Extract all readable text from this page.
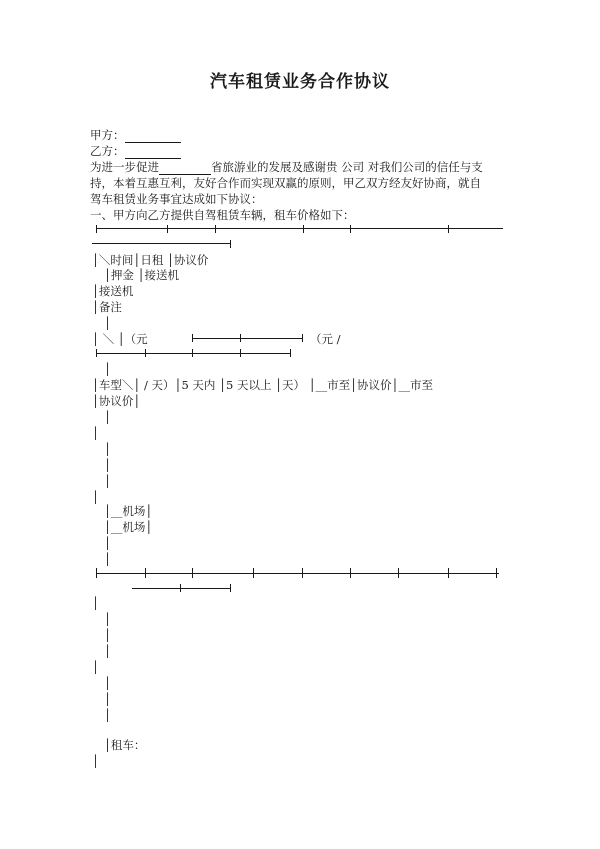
汽车租赁业务合作协议
甲方：
乙方：
为进一步促进	省旅游业的发展及感谢贵 公司 对我们公司的信任与支
持，本着互惠互利，友好合作而实现双赢的原则，甲乙双方经友好协商，就自
驾车租赁业务事宜达成如下协议：
一、甲方向乙方提供自驾租赁车辆，租车价格如下：
│＼时间│日租 │协议价
│押金 │接送机
│接送机
│备注
│
│ ＼ │（元	（元 /
│
│车型＼│ / 天）│5 天内 │5 天以上 │天） │__市至│协议价│__市至
│协议价│
│
│
│
│
│
│
│__机场│
│__机场│
│
│
│
│
│
│
│
│
│
│
│租车：
│
